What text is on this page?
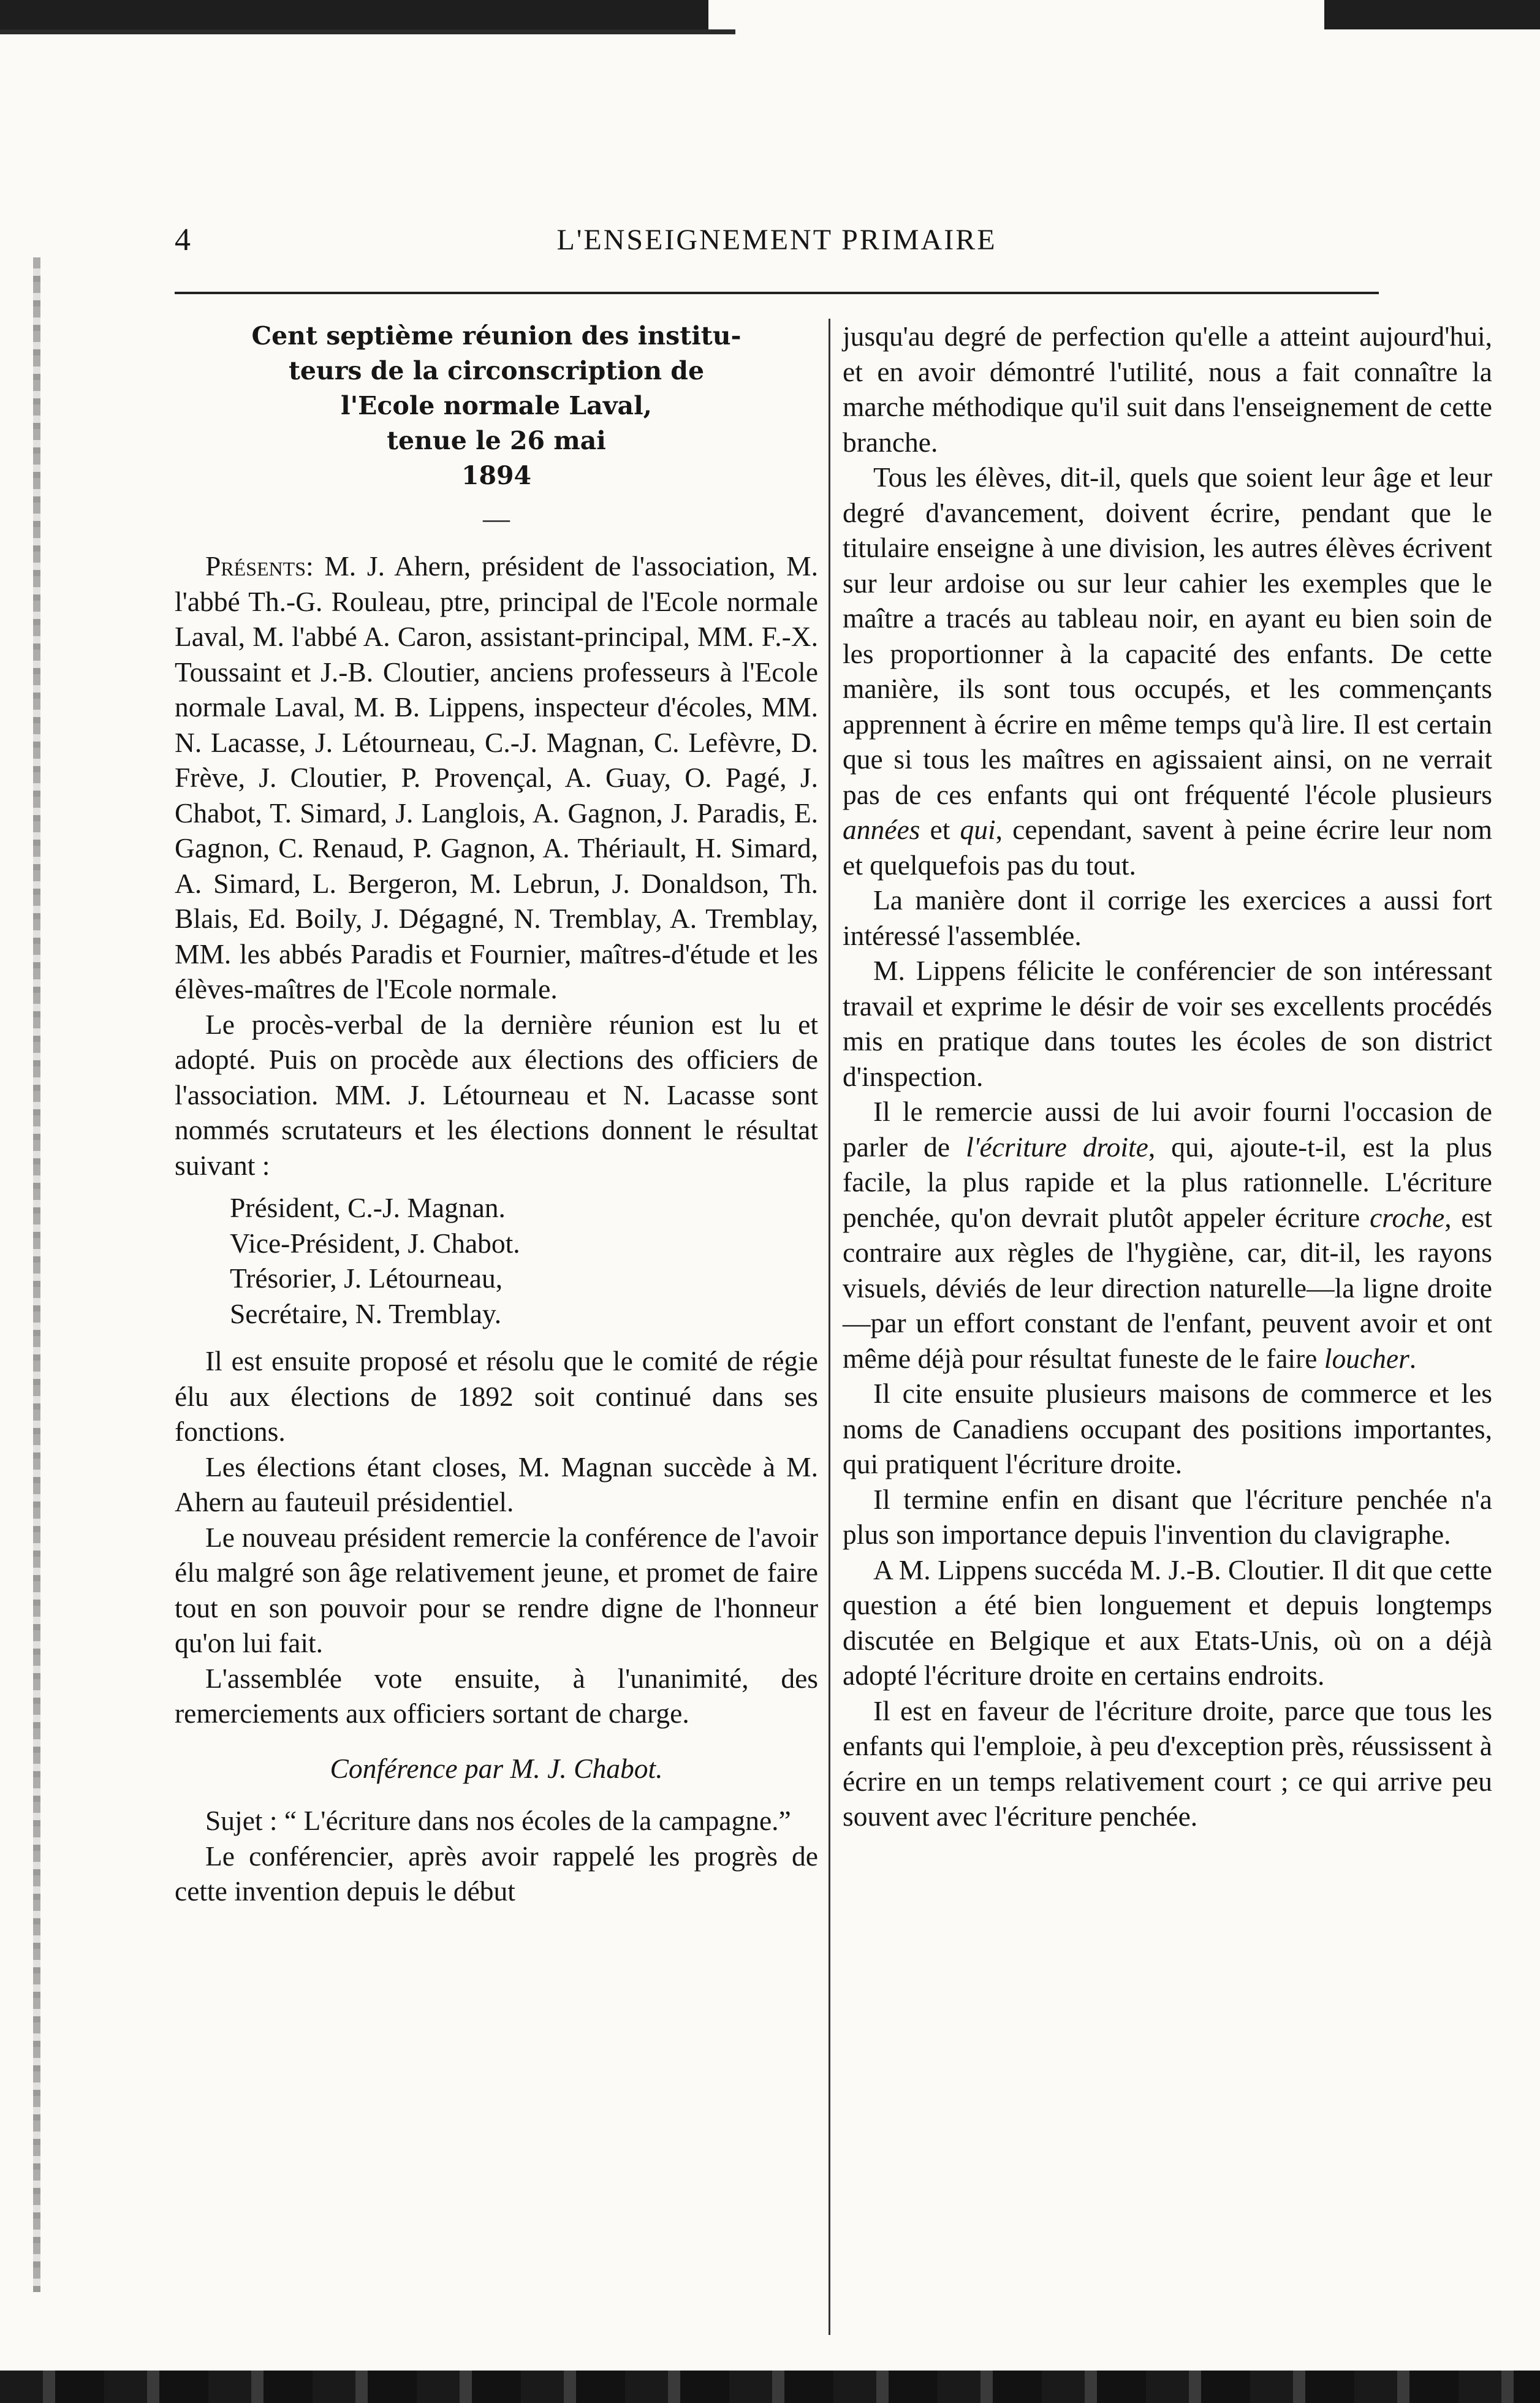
4	L'ENSEIGNEMENT PRIMAIRE
Cent septième réunion des institu-
teurs de la circonscription de
l'Ecole normale Laval,
tenue le 26 mai
1894
—

Présents: M. J. Ahern, président de l'association, M. l'abbé Th.-G. Rouleau, ptre, principal de l'Ecole normale Laval, M. l'abbé A. Caron, assistant-principal, MM. F.-X. Toussaint et J.-B. Cloutier, anciens professeurs à l'Ecole normale Laval, M. B. Lippens, inspecteur d'écoles, MM. N. Lacasse, J. Létourneau, C.-J. Magnan, C. Lefèvre, D. Frève, J. Cloutier, P. Provençal, A. Guay, O. Pagé, J. Chabot, T. Simard, J. Langlois, A. Gagnon, J. Paradis, E. Gagnon, C. Renaud, P. Gagnon, A. Thériault, H. Simard, A. Simard, L. Bergeron, M. Lebrun, J. Donaldson, Th. Blais, Ed. Boily, J. Dégagné, N. Tremblay, A. Tremblay, MM. les abbés Paradis et Fournier, maîtres-d'étude et les élèves-maîtres de l'Ecole normale.

Le procès-verbal de la dernière réunion est lu et adopté. Puis on procède aux élections des officiers de l'association. MM. J. Létourneau et N. Lacasse sont nommés scrutateurs et les élections donnent le résultat suivant :

Président, C.-J. Magnan.

Vice-Président, J. Chabot.

Trésorier, J. Létourneau,

Secrétaire, N. Tremblay.

Il est ensuite proposé et résolu que le comité de régie élu aux élections de 1892 soit continué dans ses fonctions.

Les élections étant closes, M. Magnan succède à M. Ahern au fauteuil présidentiel.

Le nouveau président remercie la conférence de l'avoir élu malgré son âge relativement jeune, et promet de faire tout en son pouvoir pour se rendre digne de l'honneur qu'on lui fait.

L'assemblée vote ensuite, à l'unanimité, des remerciements aux officiers sortant de charge.

Conférence par M. J. Chabot.

Sujet : “ L'écriture dans nos écoles de la campagne.”

Le conférencier, après avoir rappelé les progrès de cette invention depuis le début

jusqu'au degré de perfection qu'elle a atteint aujourd'hui, et en avoir démontré l'utilité, nous a fait connaître la marche méthodique qu'il suit dans l'enseignement de cette branche.

Tous les élèves, dit-il, quels que soient leur âge et leur degré d'avancement, doivent écrire, pendant que le titulaire enseigne à une division, les autres élèves écrivent sur leur ardoise ou sur leur cahier les exemples que le maître a tracés au tableau noir, en ayant eu bien soin de les proportionner à la capacité des enfants. De cette manière, ils sont tous occupés, et les commençants apprennent à écrire en même temps qu'à lire. Il est certain que si tous les maîtres en agissaient ainsi, on ne verrait pas de ces enfants qui ont fréquenté l'école plusieurs années et qui, cependant, savent à peine écrire leur nom et quelquefois pas du tout.

La manière dont il corrige les exercices a aussi fort intéressé l'assemblée.

M. Lippens félicite le conférencier de son intéressant travail et exprime le désir de voir ses excellents procédés mis en pratique dans toutes les écoles de son district d'inspection.

Il le remercie aussi de lui avoir fourni l'occasion de parler de l'écriture droite, qui, ajoute-t-il, est la plus facile, la plus rapide et la plus rationnelle. L'écriture penchée, qu'on devrait plutôt appeler écriture croche, est contraire aux règles de l'hygiène, car, dit-il, les rayons visuels, déviés de leur direction naturelle—la ligne droite—par un effort constant de l'enfant, peuvent avoir et ont même déjà pour résultat funeste de le faire loucher.

Il cite ensuite plusieurs maisons de commerce et les noms de Canadiens occupant des positions importantes, qui pratiquent l'écriture droite.

Il termine enfin en disant que l'écriture penchée n'a plus son importance depuis l'invention du clavigraphe.

A M. Lippens succéda M. J.-B. Cloutier. Il dit que cette question a été bien longuement et depuis longtemps discutée en Belgique et aux Etats-Unis, où on a déjà adopté l'écriture droite en certains endroits.

Il est en faveur de l'écriture droite, parce que tous les enfants qui l'emploie, à peu d'exception près, réussissent à écrire en un temps relativement court ; ce qui arrive peu souvent avec l'écriture penchée.
